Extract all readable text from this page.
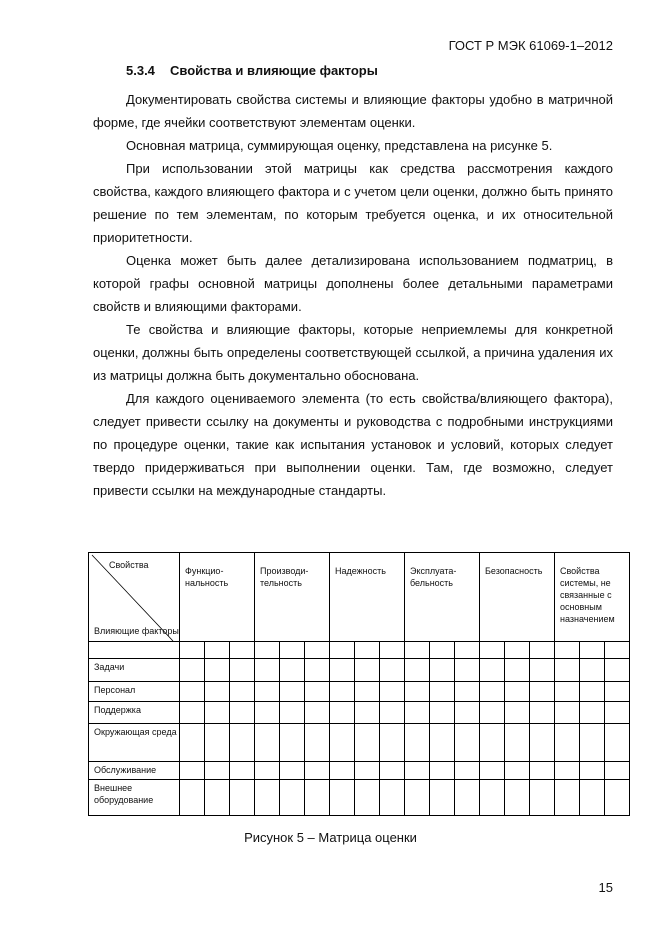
ГОСТ Р МЭК 61069-1–2012
5.3.4 Свойства и влияющие факторы

Документировать свойства системы и влияющие факторы удобно в матричной форме, где ячейки соответствуют элементам оценки.

Основная матрица, суммирующая оценку, представлена на рисунке 5.

При использовании этой матрицы как средства рассмотрения каждого свойства, каждого влияющего фактора и с учетом цели оценки, должно быть принято решение по тем элементам, по которым требуется оценка, и их относительной приоритетности.

Оценка может быть далее детализирована использованием подматриц, в которой графы основной матрицы дополнены более детальными параметрами свойств и влияющими факторами.

Те свойства и влияющие факторы, которые неприемлемы для конкретной оценки, должны быть определены соответствующей ссылкой, а причина удаления их из матрицы должна быть документально обоснована.

Для каждого оцениваемого элемента (то есть свойства/влияющего фактора), следует привести ссылку на документы и руководства с подробными инструкциями по процедуре оценки, такие как испытания установок и условий, которых следует твердо придерживаться при выполнении оценки. Там, где возможно, следует привести ссылки на международные стандарты.

Свойства
Влияющие факторы	Функцио-нальность			Производи-тельность			Надежность			Эксплуата-бельность			Безопасность			Свойства системы, не связанные с основным назначением		

Задачи																		
Персонал																		
Поддержка																		
Окружающая среда																		
Обслуживание																		
Внешнее оборудование																		
Рисунок 5 – Матрица оценки
15
